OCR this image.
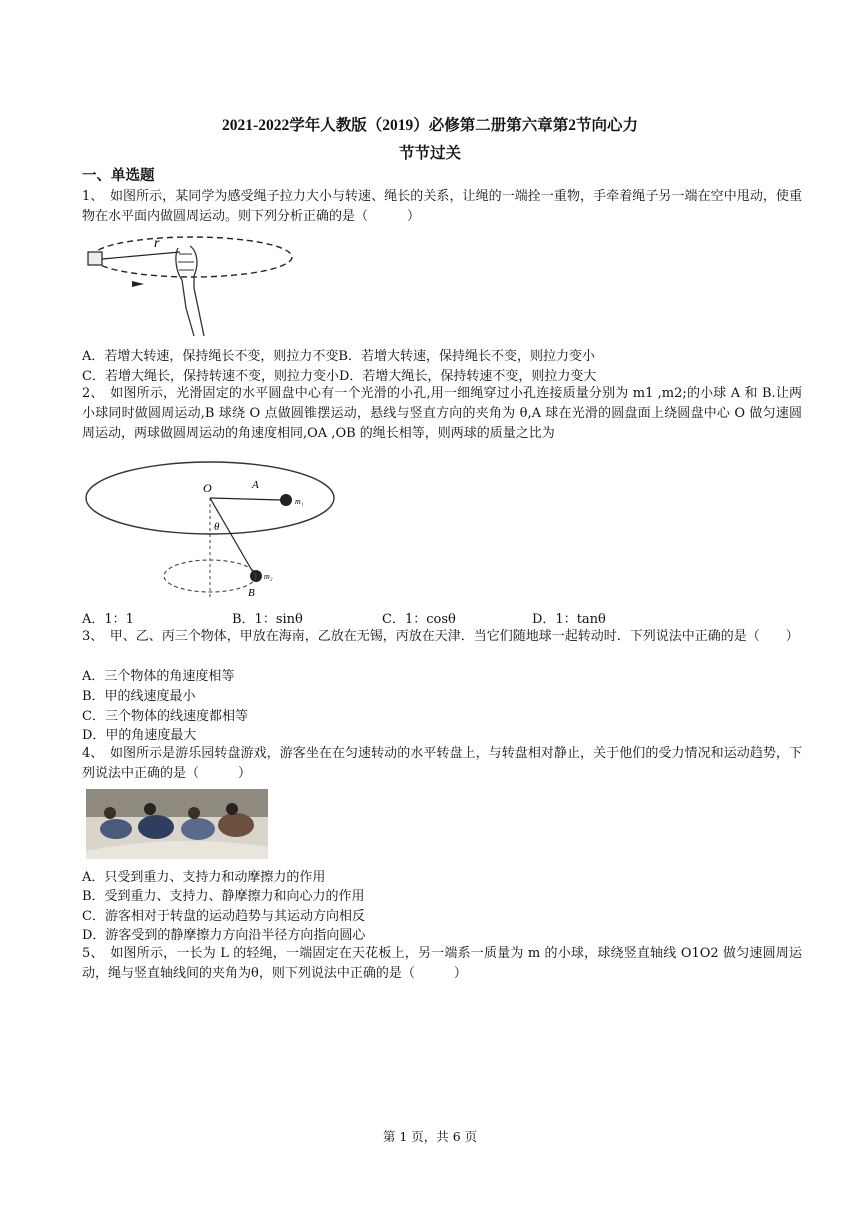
2021-2022学年人教版（2019）必修第二册第六章第2节向心力
节节过关
一、单选题
1、　如图所示，某同学为感受绳子拉力大小与转速、绳长的关系，让绳的一端拴一重物，手牵着绳子另一端在空中甩动，使重物在水平面内做圆周运动。则下列分析正确的是（　　　）
r
A．若增大转速，保持绳长不变，则拉力不变B．若增大转速，保持绳长不变，则拉力变小
C．若增大绳长，保持转速不变，则拉力变小D．若增大绳长，保持转速不变，则拉力变大
2、　如图所示，光滑固定的水平圆盘中心有一个光滑的小孔,用一细绳穿过小孔连接质量分别为 m1 ,m2;的小球 A 和 B.让两小球同时做圆周运动,B 球绕 O 点做圆锥摆运动，悬线与竖直方向的夹角为 θ,A 球在光滑的圆盘面上绕圆盘中心 O 做匀速圆周运动，两球做圆周运动的角速度相同,OA ,OB 的绳长相等，则两球的质量之比为
O	A
m₁
θ
m₂
B
A．1：1	B．1：sinθ	C．1：cosθ	D．1：tanθ
3、　甲、乙、丙三个物体，甲放在海南，乙放在无锡，丙放在天津．当它们随地球一起转动时．下列说法中正确的是（　　）
A．三个物体的角速度相等
B．甲的线速度最小
C．三个物体的线速度都相等
D．甲的角速度最大
4、　如图所示是游乐园转盘游戏，游客坐在在匀速转动的水平转盘上，与转盘相对静止，关于他们的受力情况和运动趋势，下列说法中正确的是（　　　）
A．只受到重力、支持力和动摩擦力的作用
B．受到重力、支持力、静摩擦力和向心力的作用
C．游客相对于转盘的运动趋势与其运动方向相反
D．游客受到的静摩擦力方向沿半径方向指向圆心
5、　如图所示，一长为 L 的轻绳，一端固定在天花板上，另一端系一质量为 m 的小球，球绕竖直轴线 O1O2 做匀速圆周运动，绳与竖直轴线间的夹角为θ，则下列说法中正确的是（　　　）
第 1 页，共 6 页
